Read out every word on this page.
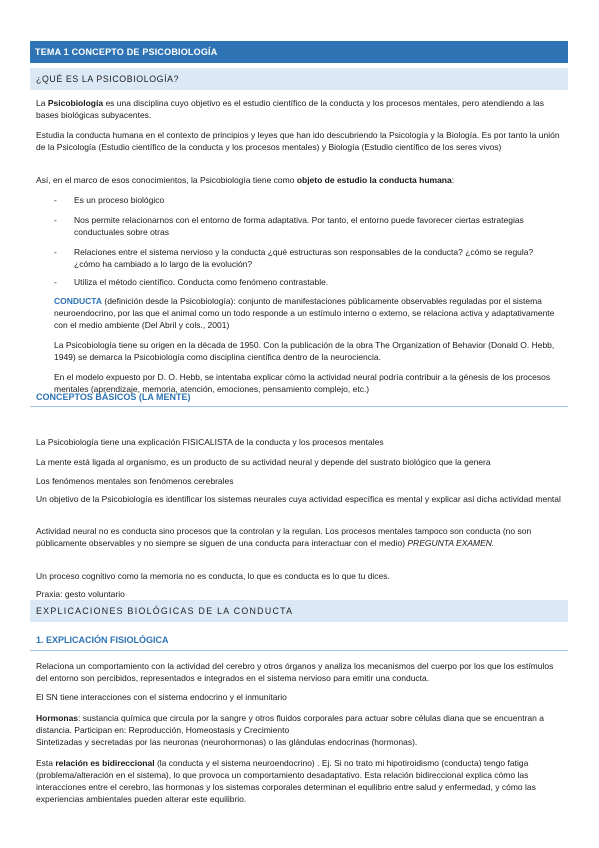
TEMA 1 CONCEPTO DE PSICOBIOLOGÍA
¿QUÉ ES LA PSICOBIOLOGÍA?

La Psicobiología es una disciplina cuyo objetivo es el estudio científico de la conducta y los procesos mentales, pero atendiendo a las bases biológicas subyacentes.

Estudia la conducta humana en el contexto de principios y leyes que han ido descubriendo la Psicología y la Biología. Es por tanto la unión de la Psicología (Estudio científico de la conducta y los procesos mentales) y Biología (Estudio científico de los seres vivos)

Así, en el marco de esos conocimientos, la Psicobiología tiene como objeto de estudio la conducta humana:

-	Es un proceso biológico
-	Nos permite relacionarnos con el entorno de forma adaptativa. Por tanto, el entorno puede favorecer ciertas estrategias conductuales sobre otras
-	Relaciones entre el sistema nervioso y la conducta ¿qué estructuras son responsables de la conducta? ¿cómo se regula? ¿cómo ha cambiado a lo largo de la evolución?
-	Utiliza el método científico. Conducta como fenómeno contrastable.

CONDUCTA (definición desde la Psicobiología): conjunto de manifestaciones públicamente observables reguladas por el sistema neuroendocrino, por las que el animal como un todo responde a un estímulo interno o externo, se relaciona activa y adaptativamente con el medio ambiente (Del Abril y cols., 2001)

La Psicobiología tiene su origen en la década de 1950. Con la publicación de la obra The Organization of Behavior (Donald O. Hebb, 1949) se demarca la Psicobiología como disciplina científica dentro de la neurociencia.

En el modelo expuesto por D. O. Hebb, se intentaba explicar cómo la actividad neural podría contribuir a la génesis de los procesos mentales (aprendizaje, memoria, atención, emociones, pensamiento complejo, etc.)

CONCEPTOS BÁSICOS (LA MENTE)

La Psicobiología tiene una explicación FISICALISTA de la conducta y los procesos mentales

La mente está ligada al organismo, es un producto de su actividad neural y depende del sustrato biológico que la genera

Los fenómenos mentales son fenómenos cerebrales

Un objetivo de la Psicobiología es identificar los sistemas neurales cuya actividad específica es mental y explicar así dicha actividad mental

Actividad neural no es conducta sino procesos que la controlan y la regulan. Los procesos mentales tampoco son conducta (no son públicamente observables y no siempre se siguen de una conducta para interactuar con el medio) PREGUNTA EXAMEN.

Un proceso cognitivo como la memoria no es conducta, lo que es conducta es lo que tu dices.

Praxia: gesto voluntario

EXPLICACIONES BIOLÓGICAS DE LA CONDUCTA
1. EXPLICACIÓN FISIOLÓGICA

Relaciona un comportamiento con la actividad del cerebro y otros órganos y analiza los mecanismos del cuerpo por los que los estímulos del entorno son percibidos, representados e integrados en el sistema nervioso para emitir una conducta.

El SN tiene interacciones con el sistema endocrino y el inmunitario

Hormonas: sustancia química que circula por la sangre y otros fluidos corporales para actuar sobre células diana que se encuentran a distancia. Participan en: Reproducción, Homeostasis y Crecimiento
Sintetizadas y secretadas por las neuronas (neurohormonas) o las glándulas endocrinas (hormonas).

Esta relación es bidireccional (la conducta y el sistema neuroendocrino) . Ej. Si no trato mi hipotiroidismo (conducta) tengo fatiga (problema/alteración en el sistema), lo que provoca un comportamiento desadaptativo. Esta relación bidireccional explica cómo las interacciones entre el cerebro, las hormonas y los sistemas corporales determinan el equilibrio entre salud y enfermedad, y cómo las experiencias ambientales pueden alterar este equilibrio.
